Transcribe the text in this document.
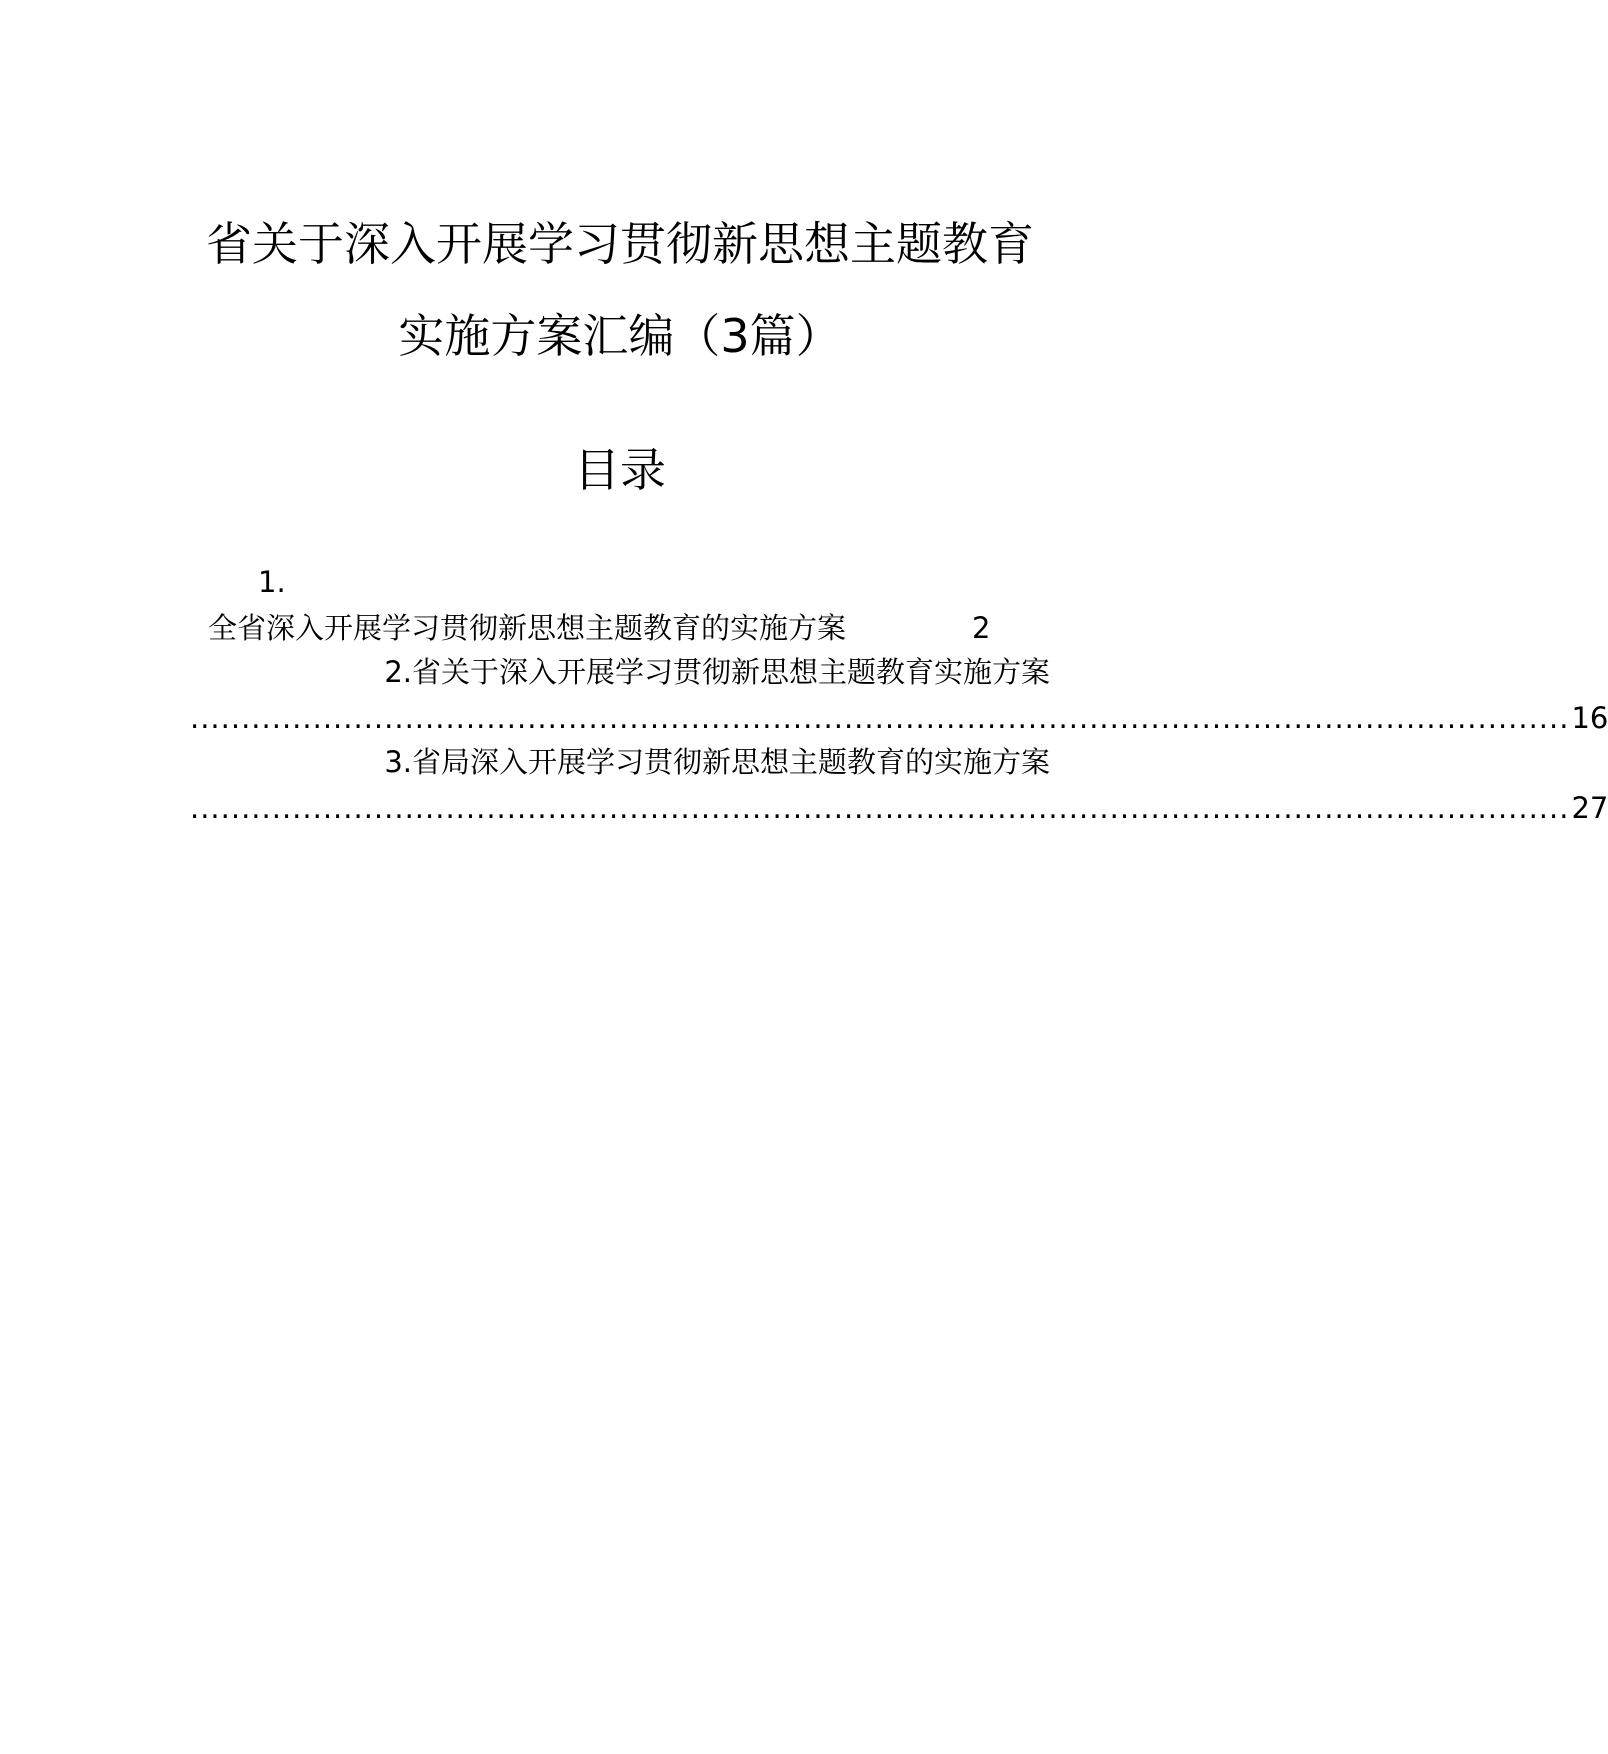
省关于深入开展学习贯彻新思想主题教育
实施方案汇编（3篇）
目录
1.
全省深入开展学习贯彻新思想主题教育的实施方案	2
2.省关于深入开展学习贯彻新思想主题教育实施方案
....................................................................................................................................... 16
3.省局深入开展学习贯彻新思想主题教育的实施方案
....................................................................................................................................... 27
